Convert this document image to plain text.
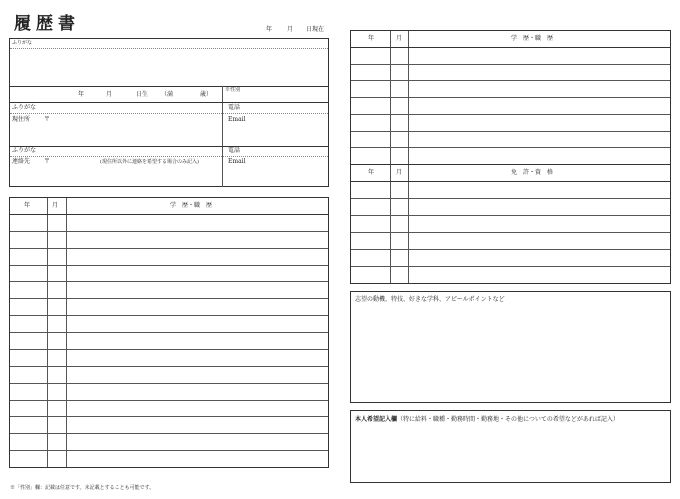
履歴書	年 月 日現在
ふりがな
年	月	日生 （満	歳）
※性別
ふりがな
現住所 〒
電話
Email
ふりがな
連絡先 〒	(現住所以外に連絡を希望する場合のみ記入)
電話
Email
年	月	学　歴・職　歴
※「性別」欄：記載は任意です。未記載とすることも可能です。
年	月	学　歴・職　歴
年	月	免　許・資　格
志望の動機、特技、好きな学科、アピールポイントなど
本人希望記入欄（特に給料・職種・勤務時間・勤務地・その他についての希望などがあれば記入）
